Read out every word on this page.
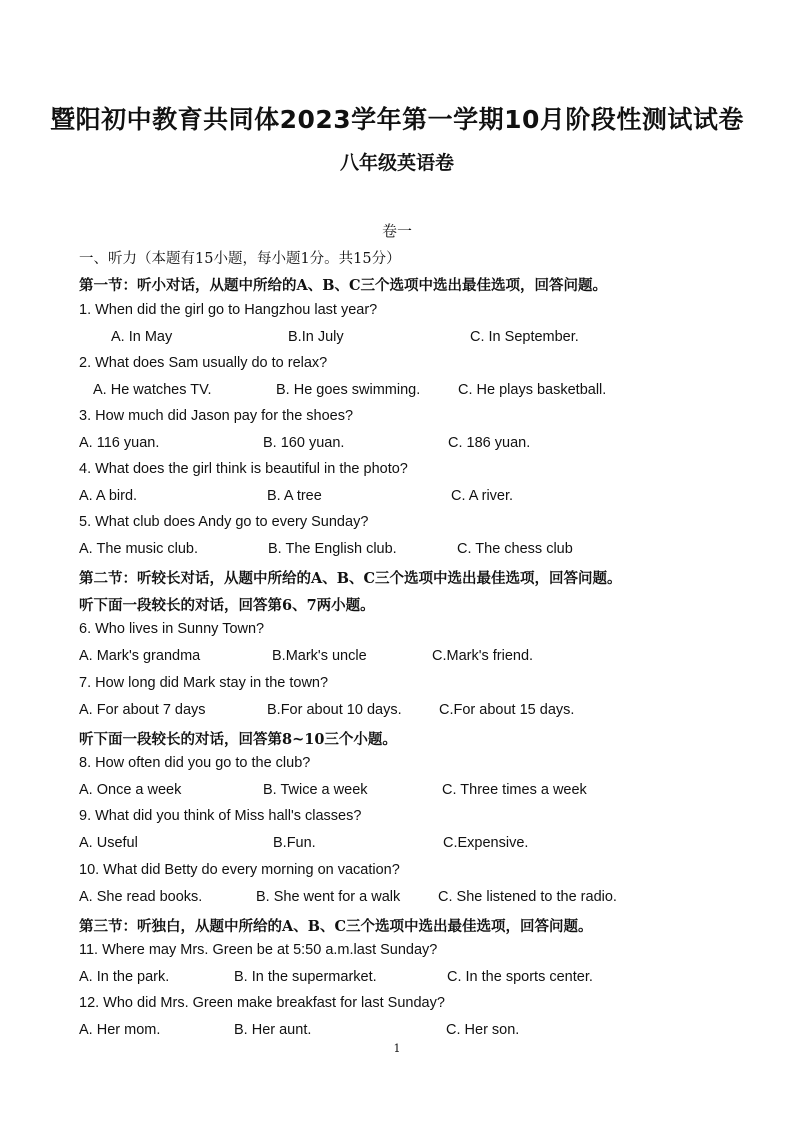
暨阳初中教育共同体2023学年第一学期10月阶段性测试试卷
八年级英语卷
卷一
一、听力（本题有15小题，每小题1分。共15分）
第一节：听小对话，从题中所给的A、B、C三个选项中选出最佳选项，回答问题。
1. When did the girl go to Hangzhou last year?
A. In May	B.In July	C. In September.
2. What does Sam usually do to relax?
A. He watches TV.	B. He goes swimming.	C. He plays basketball.
3. How much did Jason pay for the shoes?
A. 116 yuan.	B. 160 yuan.	C. 186 yuan.
4. What does the girl think is beautiful in the photo?
A. A bird.	B. A tree	C. A river.
5. What club does Andy go to every Sunday?
A. The music club.	B. The English club.	C. The chess club
第二节：听较长对话，从题中所给的A、B、C三个选项中选出最佳选项，回答问题。
听下面一段较长的对话，回答第6、7两小题。
6. Who lives in Sunny Town?
A. Mark's grandma	B.Mark's uncle	C.Mark's friend.
7. How long did Mark stay in the town?
A. For about 7 days	B.For about 10 days.	C.For about 15 days.
听下面一段较长的对话，回答第8~10三个小题。
8. How often did you go to the club?
A. Once a week	B. Twice a week	C. Three times a week
9. What did you think of Miss hall's classes?
A. Useful	B.Fun.	C.Expensive.
10. What did Betty do every morning on vacation?
A. She read books.	B. She went for a walk	C. She listened to the radio.
第三节：听独白，从题中所给的A、B、C三个选项中选出最佳选项，回答问题。
11. Where may Mrs. Green be at 5:50 a.m.last Sunday?
A. In the park.	B. In the supermarket.	C. In the sports center.
12. Who did Mrs. Green make breakfast for last Sunday?
A. Her mom.	B. Her aunt.	C. Her son.
1
